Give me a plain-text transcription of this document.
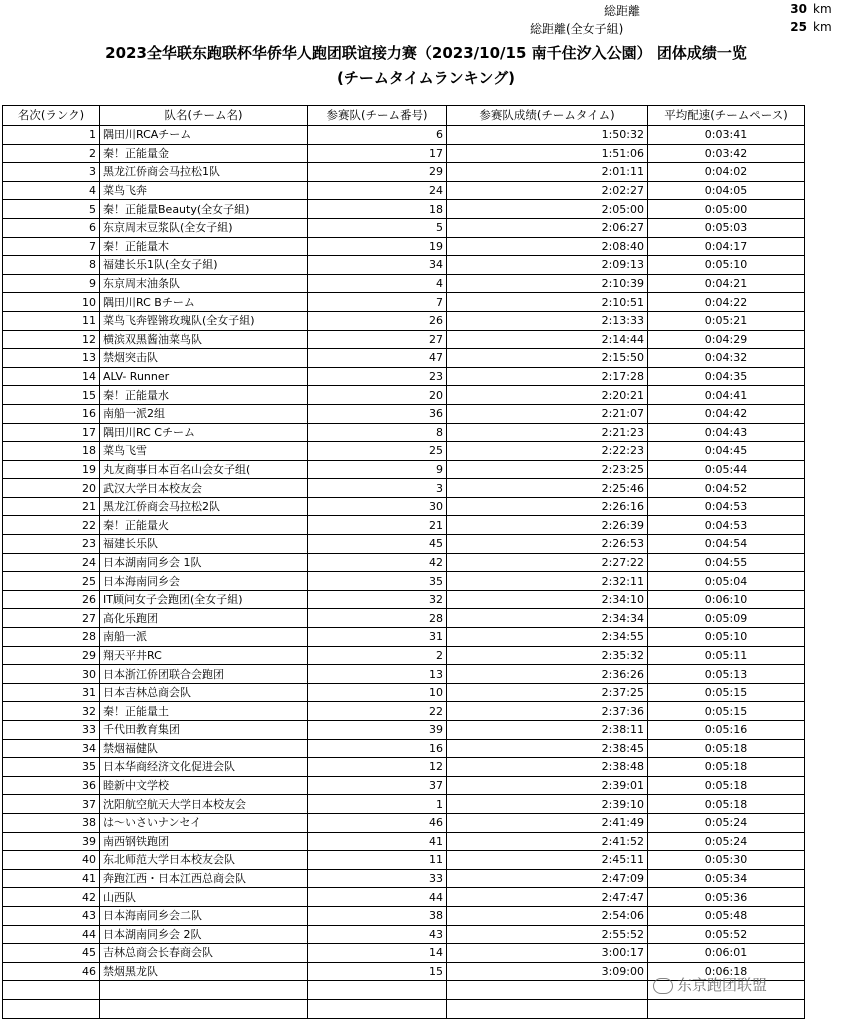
総距離	30 km
総距離(全女子組)	25 km
2023全华联东跑联杯华侨华人跑团联谊接力赛（2023/10/15 南千住汐入公園） 团体成绩一览
(チームタイムランキング)
名次(ランク)	队名(チーム名)	参赛队(チーム番号)	参赛队成绩(チームタイム)	平均配速(チームペース)
1	隅田川RCAチーム	6	1:50:32	0:03:41
2	秦！正能量金	17	1:51:06	0:03:42
3	黑龙江侨商会马拉松1队	29	2:01:11	0:04:02
4	菜鸟飞奔	24	2:02:27	0:04:05
5	秦！正能量Beauty(全女子組)	18	2:05:00	0:05:00
6	东京周末豆浆队(全女子組)	5	2:06:27	0:05:03
7	秦！正能量木	19	2:08:40	0:04:17
8	福建长乐1队(全女子組)	34	2:09:13	0:05:10
9	东京周末油条队	4	2:10:39	0:04:21
10	隅田川RC Bチーム	7	2:10:51	0:04:22
11	菜鸟飞奔铿锵玫瑰队(全女子組)	26	2:13:33	0:05:21
12	横滨双黑酱油菜鸟队	27	2:14:44	0:04:29
13	禁烟突击队	47	2:15:50	0:04:32
14	ALV- Runner	23	2:17:28	0:04:35
15	秦！正能量水	20	2:20:21	0:04:41
16	南船一派2组	36	2:21:07	0:04:42
17	隅田川RC Cチーム	8	2:21:23	0:04:43
18	菜鸟飞雪	25	2:22:23	0:04:45
19	丸友商事日本百名山会女子组(	9	2:23:25	0:05:44
20	武汉大学日本校友会	3	2:25:46	0:04:52
21	黑龙江侨商会马拉松2队	30	2:26:16	0:04:53
22	秦！正能量火	21	2:26:39	0:04:53
23	福建长乐队	45	2:26:53	0:04:54
24	日本湖南同乡会 1队	42	2:27:22	0:04:55
25	日本海南同乡会	35	2:32:11	0:05:04
26	IT顾问女子会跑团(全女子組)	32	2:34:10	0:06:10
27	高化乐跑团	28	2:34:34	0:05:09
28	南船一派	31	2:34:55	0:05:10
29	翔天平井RC	2	2:35:32	0:05:11
30	日本浙江侨团联合会跑团	13	2:36:26	0:05:13
31	日本吉林总商会队	10	2:37:25	0:05:15
32	秦！正能量土	22	2:37:36	0:05:15
33	千代田教育集团	39	2:38:11	0:05:16
34	禁烟福健队	16	2:38:45	0:05:18
35	日本华商经济文化促进会队	12	2:38:48	0:05:18
36	睦新中文学校	37	2:39:01	0:05:18
37	沈阳航空航天大学日本校友会	1	2:39:10	0:05:18
38	は～いさいナンセイ	46	2:41:49	0:05:24
39	南西钢铁跑团	41	2:41:52	0:05:24
40	东北师范大学日本校友会队	11	2:45:11	0:05:30
41	奔跑江西・日本江西总商会队	33	2:47:09	0:05:34
42	山西队	44	2:47:47	0:05:36
43	日本海南同乡会二队	38	2:54:06	0:05:48
44	日本湖南同乡会 2队	43	2:55:52	0:05:52
45	吉林总商会长春商会队	14	3:00:17	0:06:01
46	禁烟黑龙队	15	3:09:00	0:06:18

东京跑团联盟
